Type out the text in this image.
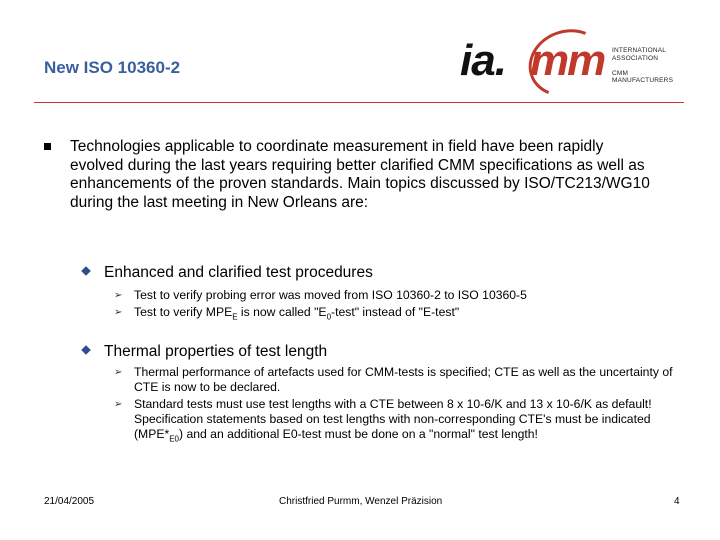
New ISO 10360-2	ia. mm INTERNATIONAL
ASSOCIATION
CMM MANUFACTURERS
Technologies applicable to coordinate measurement in field have been rapidly evolved during the last years requiring better clarified CMM specifications as well as enhancements of the proven standards. Main topics discussed by ISO/TC213/WG10 during the last meeting in New Orleans are:
Enhanced and clarified test procedures
➢ Test to verify probing error was moved from ISO 10360-2 to ISO 10360-5
➢ Test to verify $MPE_E$ is now called "$E_0$-test" instead of "E-test"
Thermal properties of test length
➢ Thermal performance of artefacts used for CMM-tests is specified; CTE as well as the uncertainty of CTE is now to be declared.
➢ Standard tests must use test lengths with a CTE between 8 x 10-6/K and 13 x 10-6/K as default! Specification statements based on test lengths with non-corresponding CTE's must be indicated $(MPE*_{E0})$ and an additional E0-test must be done on a "normal" test length!
21/04/2005	Christfried Purmm, Wenzel Präzision	4
